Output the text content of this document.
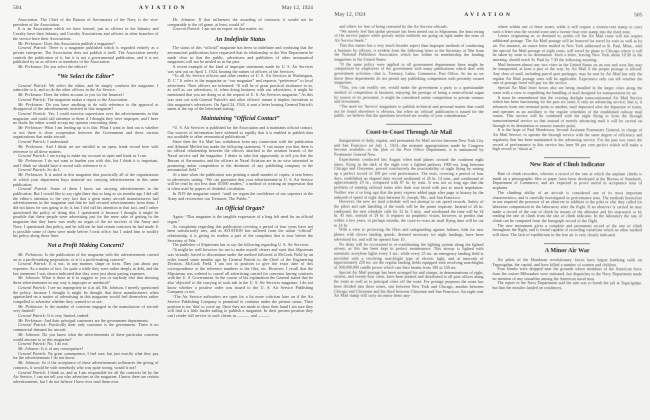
504	AVIATION	May 12, 1924
Association. The Chief of the Bureau of Aeronautics of the Navy is the vice-president of the Association.
It is an Association which we have formed, just as officers in the Infantry and Cavalry have their Infantry and Cavalry Associations and officers in other branches of the service have their Associations.
Mr. Perkinson: Does this Association publish a magazine?
General Patrick: There is a magazine published which is regarded entirely as a private enterprise. The Association does not publish it itself. The Association merely controls the publication of it, but it is not a governmental publication, and it is not published by us as officers or members of the Association.
Mr. Perkinson: Do you select the editors?
“We Select the Editor”
General Patrick: We select the editor, and he simply conducts the magazine. I subscribe to it, and so do the other officers in the Air Service.
Mr. Perkinson: Does the editor account to you for the finances?
General Patrick: The magazine makes a report to the Association.
Mr. Perkinson: Do you have anything to do with reference to the approval or disapproval of the advertisements inserted in this magazine?
General Patrick: Yes, I could exercise supervision over the advertisements in that magazine, and could call attention to them if I thought they were improper, and I have no doubt the editor would accept my opinion concerning them.
Mr. Perkinson: What I am leading up to is this: What I want to find out is whether or not there is close cooperation between the Government and these various organizations that make aircraft.
General Patrick: I understand.
Mr. Perkinson: And I think we are entitled to an open, frank record here with reference to all these matters.
General Patrick: I am trying to make my account as open and frank as I can.
Mr. Perkinson: I do not want to burden you with this, but I think it is important, and I think we should have a record with reference to it.
General Patrick: So do I.
Mr. Perkinson: It is noted in this magazine that practically all of the organizations of which your department buys material are carrying advertisements in this same publication.
General Patrick: Some of them I know are carrying advertisements in the publication. But I would like to say right there that so long as six months ago I did call the editor's attention to the very fact that a great many aircraft manufacturers had advertisements in the magazine and that he had secured advertisements from them. I did not know he was going to do it, but I did call his attention to that fact, and I rather questioned the policy of doing that. I questioned it because I thought it might be possible that these people were advertising just for the mere sake of getting in the magazine that they knew was really no organ of the air services of the Army and Navy. I questioned that policy, and he told me he had certain contracts he had made. It is possible some of them were made before I took office, but I asked him to modify his policy along those lines.
Not a Profit Making Concern?
Mr. Perkinson: Is the publication of the magazine with the advertisements carried on as a profit-making proposition, or is it a profit-making concern?
General Patrick: It is not, in any manner, shape or form. They just about pay expenses. As a matter of fact, for quite a while they were rather deeply in debt, and the last statement I was shown indicated that they were just about paying expenses.
Mr. Johnson: What is there in it to suggest to you or anybody else that showing these advertisements in any way is improper or unethical?
General Patrick: I see no impropriety in it at all, Mr. Johnson. I merely questioned the policy, because I thought it might be thought that these manufacturers when approached on a matter of advertising in this magazine would feel themselves rather compelled to advertise whether they wanted to or not.
Mr. Perkinson: Is the number of concerns engaged in the manufacture of aircraft very limited?
General Patrick: It is very limited, indeed.
Mr. Perkinson: And their principal customers are the government departments.
General Patrick: Practically their only customer is the government. There is no commercial demand for aircraft.
Mr. Johnson: Do you know what the advertisements of these particular concerns would amount to in this magazine?
General Patrick: No, I do not.
Mr. Johnson: Is it of any consequence?
General Patrick: No great consequence, I feel sure, but just exactly what they pay for the advertisements I do not know.
Mr. Johnson: So if the acceptance of these advertisements influences the giving of contracts, it would be with somebody who was quite strong, would it not?
General Patrick: I think so, and as I am responsible for all the contracts let by the Air Service, I can not tell you who advertises in the magazine. I know there are certain advertisements, but I do not believe I have ever read them over.
Mr. Johnson: If that influences the awarding of contracts, it would not be comparable to the oil game, at least, would it?
General Patrick: I am not an expert on that matter, sir.
An Indefinite Status
The status of this “official” magazine has been so indefinite and confusing that the aeronautical publications have requested that its relationship to the War Department be made clear so that the public, advertisers and publishers of other aeronautical magazines will not be misled as in the past.
A recent example of the kind of improper statements made by U. S. Air Services was sent out on April 1, 1924, bearing the names of officers of the Services:
“To all Air Service officers and other readers of U. S. Air Services in Washington, D. C.” It refers to the magazine as “our magazine” and requests “preference” to local advertisers. Then officers are informed: “It will be of great practical assistance to us, as well as our advertisers, if, when doing business with our advertisers, it might be mentioned that you are doing so at the request of U. S. Air Services magazine.” As this was sent out with General Patrick's and other officers' names it implies favoritism to this magazine's advertisers. On April 24, 1924, it sent a letter bearing General Patrick's name at the top of the letterhead stating:
Maintaining “Official Contact”
“U. S. Air Services is published for the Association and it maintains official contact. Our sources of information have widened so rapidly that it is enabled to publish data not available to other aeronautical publications.”
Since then the Air Mail has withdrawn from any connection with the publication and Admiral Moffett has made the following statement, “I can assure you that there is no official relationship between the officers attached to the aviation branch of the Naval service and the magazine. I desire to take this opportunity to tell you that the Bureau of Aeronautics and the officers in Naval Aviation are in no wise interested in promoting unfair competition to the detriment of any publishing company in the aeronautical field.”
At a time when the publication was printing a small number of copies, it sent letters to advertisers stating: “We can guarantee that your advertisement in U. S. Air Service will be read by not less than 10,000 readers,” a method of creating an impression that is often used by papers of doubtful circulation.
In 1919 the magazine stated: “until we regain the confidence of our superiors in the Army and reconvince our Treasurer, The Public.”
An Official Organ?
Again: “This magazine is the tangible expression of a long felt need for an official organ.”
As complaints regarding this publication covering a period of four years have not been satisfactorily met, and as AVIATION has suffered from the unfair “official” relationship, it is giving its readers a part of the complaint that is now before the Secretary of War.
The publisher of Slipstream has to say the following regarding U. S. Air Services:
“It might be well however for me to make myself clearer and state that Slipstream was virtually forced to discontinue under the method followed at McCook Field by an order issued some months ago by General Patrick to the Chief of the Engineering Division, McCook Field, I am not in position to give the exact date of this correspondence or the reference numbers to the files, etc. However, I recall that the Slipstream was ordered to cancel all advertising carried for concerns having contracts with the U. S. Government. In the course of his explanation the General stated that he also 'objected' to the carrying of such ads in the U. S. Air Services magazine. I do not know whether a positive order was issued to the U. S. Air Service Publishing Company or not.
“The Air Service authorities are open for a lot more criticism later on if the Air Service Publishing Company is permitted to continue under the present status. Their position is too 'thin' to cover up. Once they are made to show their hand I am sure they will find it a little harder sailing to publish a magazine. In their present position they can't render full service to such clients as ——— and ———
May 12, 1924	AVIATION	505
and others for fear of being censured by the Air Service officials.
“We merely feel that undue pressure has been meted out to Slipstream, the least erring of the service papers while grossly unfair methods are going on right under the nose of Air Service heads.”
That this matter has a very much broader aspect than improper methods of conducting a business by officers, is evident from the following letter to the Secretary of War from the National Publishers Association which has within its membership the leading magazines in the United States:
“If the same policy were applied to all government departments there might be competition by employees of the government with many publications which deal with government activities—that is, Treasury, Labor, Commerce, Post Office. So far as we know these departments do not permit any publishing competition with privately owned magazines.
“This, you can readily see, would make the government a party to a questionable method of competition in business; enjoying the prestige of being a semi-official organ by reason of its personnel, it might be considered unfair competition to private venture and investment.
“The need for 'Service' magazines to publish technical and personal matter that could not be found elsewhere is obvious, but when an 'official' publication is issued for the public, we believe that the questions involved are worthy of your consideration.”
Coast-to-Coast Through Air Mail
Inauguration of daily, regular, and permanent Air Mail service between New York City and San Francisco on July 1, 1924—the moment appropriations made by Congress become available—is the plan of the Post Office Department, it is announced by Postmaster General New.
Experiments conducted last August when mail planes crossed the continent eight times, flying in the dark of the night over a lighted pathway 1900 mi. long between Chicago and Cheyenne, proved conclusively the practicability of night flying by setting up a perfect record of 100 per cent performance. The tests, covering a period of four days, established an elapsed time record eastbound of 26 hr. 14 min., and westbound of approximately 29 hr., compared with 87 hr. by train. It was not so long ago that the problem of running railroad trains after dark was faced with just as much trepidation. Neither was it so long ago that the pony express added page after page to history by the unheard-of speed of eight days between St. Joseph, Mo., and San Francisco.
However, the new air mail schedule will not attempt to set speed records. Safety of the pilots and safe handling of the mails will be the prime requisite. Instead of 26 hr. eastbound, the new schedule calls for 32 hr. 5 min., and westbound the time will be 34 hr. 45 min. instead of 29 hr. It requires no prophetic vision, however, to predict that within a few years, or perhaps months, the coast-to-coast air mail flying time will be cut to 24 hr.
With a view to protecting the fliers and safeguarding against failures, bids for new planes with slower landing speeds, deemed necessary for night landings, have been advertised for, and will be opened June 10.
No delay will be occasioned in re-conditioning the lighting system along the lighted airway, as this has been kept in perfect maintenance. This airway is lighted with automatic acetylene lights every 3 mi.; while every 25 mi. an emergency landing field is provided with a revolving searchlight type of electric light, and at intervals of approximately 250 mi. are the regular landing fields equipped with revolving searchlights of 500,000,000 candle power which cast their beams from 100 to 150 mi.
Special Air Mail postage has been arranged for and stamps, in denominations of eight, sixteen, and twenty-four cents, have been printed and distributed to all post offices along the route as well as to principal cities off the route. For postage purposes the route has been divided into three zones, one between New York and Chicago, another between Chicago and Cheyenne and the third between Cheyenne and San Francisco. An eight-cent Air Mail stamp will carry an ounce letter any-
where within one of these zones; while it will require a sixteen-cent stamp to carry such a letter into the second zone and a twenty-four-cent stamp into the third zone.
Letters originating at, or destined to, points off the Air Mail route will not require additional postage. The Air Mail postage will be honored for travel by train as well as by air. For instance, an ounce letter mailed in New York addressed to St. Paul, Minn., with the special Air Mail postage of eight cents, will travel by plane to Chicago where it will be taken by train to its destination. Such a letter, leaving New York about 10:30 in the morning, should reach St. Paul by 7:30 the following morning.
Mail between almost any two cities in the United States on an east and west line may be transported, at least a part of the way, by Air Mail if the proper postage is affixed. Any class of mail, including parcel post packages, may be sent by Air Mail but only the regular Air Mail postage rates will be applicable. Experience only can tell whether the rate of postage fixed will pay for the service.
Special Air Mail letter boxes also are being installed in the larger cities along the route with a view to expediting the handling of mail designed for transportation by air.
It must be remembered that the existing daylight transcontinental Air Mail Service which has been functioning for the past six years is only an advancing service; that is, it advances from one terminal point to another, mail deposited after the departure of trains, and operates as an auxiliary to the regular schedules of the established railway mail routes. This service will be combined with the night flying to form the through transcontinental service so that instead of merely advancing mail it will be carried on through to its destination or nearest transfer point.
It is the hope of Paul Henderson, Second Assistant Postmaster General, in charge of Air Mail Service, to operate the through service with the same degree of efficiency and regularity that has been maintained in the advancing service. For the past two years the record of performance in this service has been 96 per cent perfect which will make a high record to “shoot at.”
New Rate of Climb Indicator
Rate of climb recorders, wherein a record of the rate at which the airplane climbs is made on a photographic film or paper, have been developed at the Bureau of Standards, Department of Commerce, and are expected to prove useful in acceptance tests of airplanes.
The climbing ability of an aircraft is considered one of its most important characteristics, and is carefully investigated in performance tests. The methods heretofore in use required the presence of an observer in addition to the pilot or else they called for laborious computation in the laboratory after the flight. If an observer is carried he may make a record of the rate of climb by means of the altimeter and his stopwatch or by reading the rate of climb from the rate of climb indicator. In the laboratory the rate of climb can be computed from the barograph record of the flight.
The new instrument gives a complete and permanent record of the rate of climb throughout the flight, and is found capable of recording variations which no other method will show. The lack of equilibrium in the free air is very clearly indicated.
A Minor Air War
Air pilots of the Honduran revolutionary forces have begun bombing raids on Tegucigalpa, the capital, and have killed a number of women and children.
Four bombs were dropped near the grounds where members of the American force from the cruiser Milwaukee were stationed, but dispatches to the Navy Department made no mention of any casualties among the American naval men.
The report to the Navy Department said the aim was to bomb the jail at Tegucigalpa, but that the missiles landed on residences.
